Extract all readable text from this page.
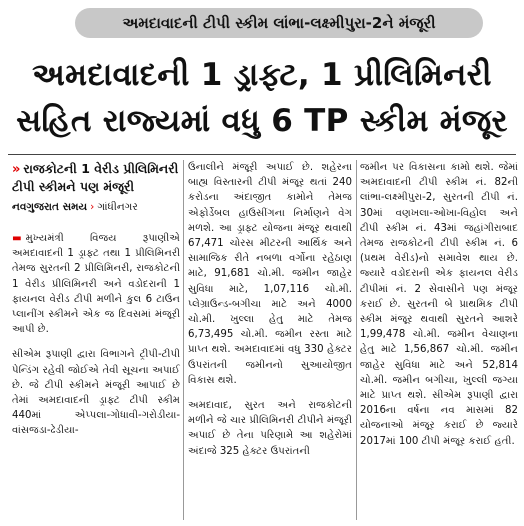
અમદાવાદની ટીપી સ્કીમ લાંભા-લક્ષ્મીપુરા-2ને મંજૂરી
અમદાવાદની 1 ડ્રાફ્ટ, 1 પ્રીલિમિનરી
સહિત રાજ્યમાં વધુ 6 TP સ્કીમ મંજૂર
» રાજકોટની 1 વેરીડ પ્રીલિમિનરી ટીપી સ્કીમને પણ મંજૂરી
નવગુજરાત સમય › ગાંધીનગર

▬ મુખ્યમંત્રી વિજય રૂપાણીએ અમદાવાદની 1 ડ્રાફ્ટ તથા 1 પ્રીલિમિનરી તેમજ સુરતની 2 પ્રીલિમિનરી, રાજકોટની 1 વેરીડ પ્રીલિમિનરી અને વડોદરાની 1 ફાયનલ વેરીડ ટીપી મળીને કુલ 6 ટાઉન પ્લાનીંગ સ્કીમને એક જ દિવસમાં મંજૂરી આપી છે.

સીએમ રૂપાણી દ્વારા વિભાગને ટ્રીપી-ટીપી પેન્ડિંગ રહેવી જોઈએ તેવી સૂચના અપાઈ છે. જે ટીપી સ્કીમને મંજૂરી આપાઈ છે તેમાં અમદાવાદની ડ્રાફ્ટ ટીપી સ્કીમ 440માં એપ્પલા-ગોધાવી-ગરોડીયા-વાંસજડા-ઢેડીયા-

ઉનાલીને મંજૂરી અપાઈ છે. શહેરના બાહ્ય વિસ્તારની ટીપી મંજૂર થતાં 240 કરોડના અંદાજીત કામોને તેમજ એફોર્ડેબલ હાઉસીંગના નિર્માણને વેગ મળશે. આ ડ્રાફ્ટ યોજના મંજૂર થવાથી 67,471 ચોરસ મીટરની આર્થિક અને સામાજિક રીતે નબળા વર્ગોના રહેઠાણ માટે, 91,681 ચો.મી. જમીન જાહેર સુવિધા માટે, 1,07,116 ચો.મી. પ્લેગ્રાઉન્ડ-બગીચા માટે અને 4000 ચો.મી. ખુલ્લા હેતુ માટે તેમજ 6,73,495 ચો.મી. જમીન રસ્તા માટે પ્રાપ્ત થશે. અમદાવાદમાં વધુ 330 હેક્ટર ઉપરાંતની જમીનનો સુઆયોજીત વિકાસ થશે.

અમદાવાદ, સુરત અને રાજકોટની મળીને જે ચાર પ્રીલિમિનરી ટીપીને મંજૂરી અપાઈ છે તેના પરિણામે આ શહેરોમાં અંદાજે 325 હેક્ટર ઉપરાંતની

જમીન પર વિકાસના કામો થશે. જેમાં અમદાવાદની ટીપી સ્કીમ નં. 82ની લાંભા-લક્ષ્મીપુરા-2, સુરતની ટીપી નં. 30માં વણખલા-ઓખા-વિહોલ અને ટીપી સ્કીમ નં. 43માં જહાંગીરાબાદ તેમજ રાજકોટની ટીપી સ્કીમ નં. 6 (પ્રથમ વેરીડ)નો સમાવેશ થાય છે. જ્યારે વડોદરાની એક ફાયનલ વેરીડ ટીપીમાં નં. 2 સેવાસીને પણ મંજૂર કરાઈ છે. સુરતની બે પ્રાથમિક ટીપી સ્કીમ મંજૂર થવાથી સુરતને આશરે 1,99,478 ચો.મી. જમીન વેચાણના હેતુ માટે 1,56,867 ચો.મી. જમીન જાહેર સુવિધા માટે અને 52,814 ચો.મી. જમીન બગીચા, ખુલ્લી જગ્યા માટે પ્રાપ્ત થશે. સીએમ રૂપાણી દ્વારા 2016ના વર્ષના નવ માસમાં 82 યોજનાઓ મંજૂર કરાઈ છે જ્યારે 2017માં 100 ટીપી મંજૂર કરાઈ હતી.
